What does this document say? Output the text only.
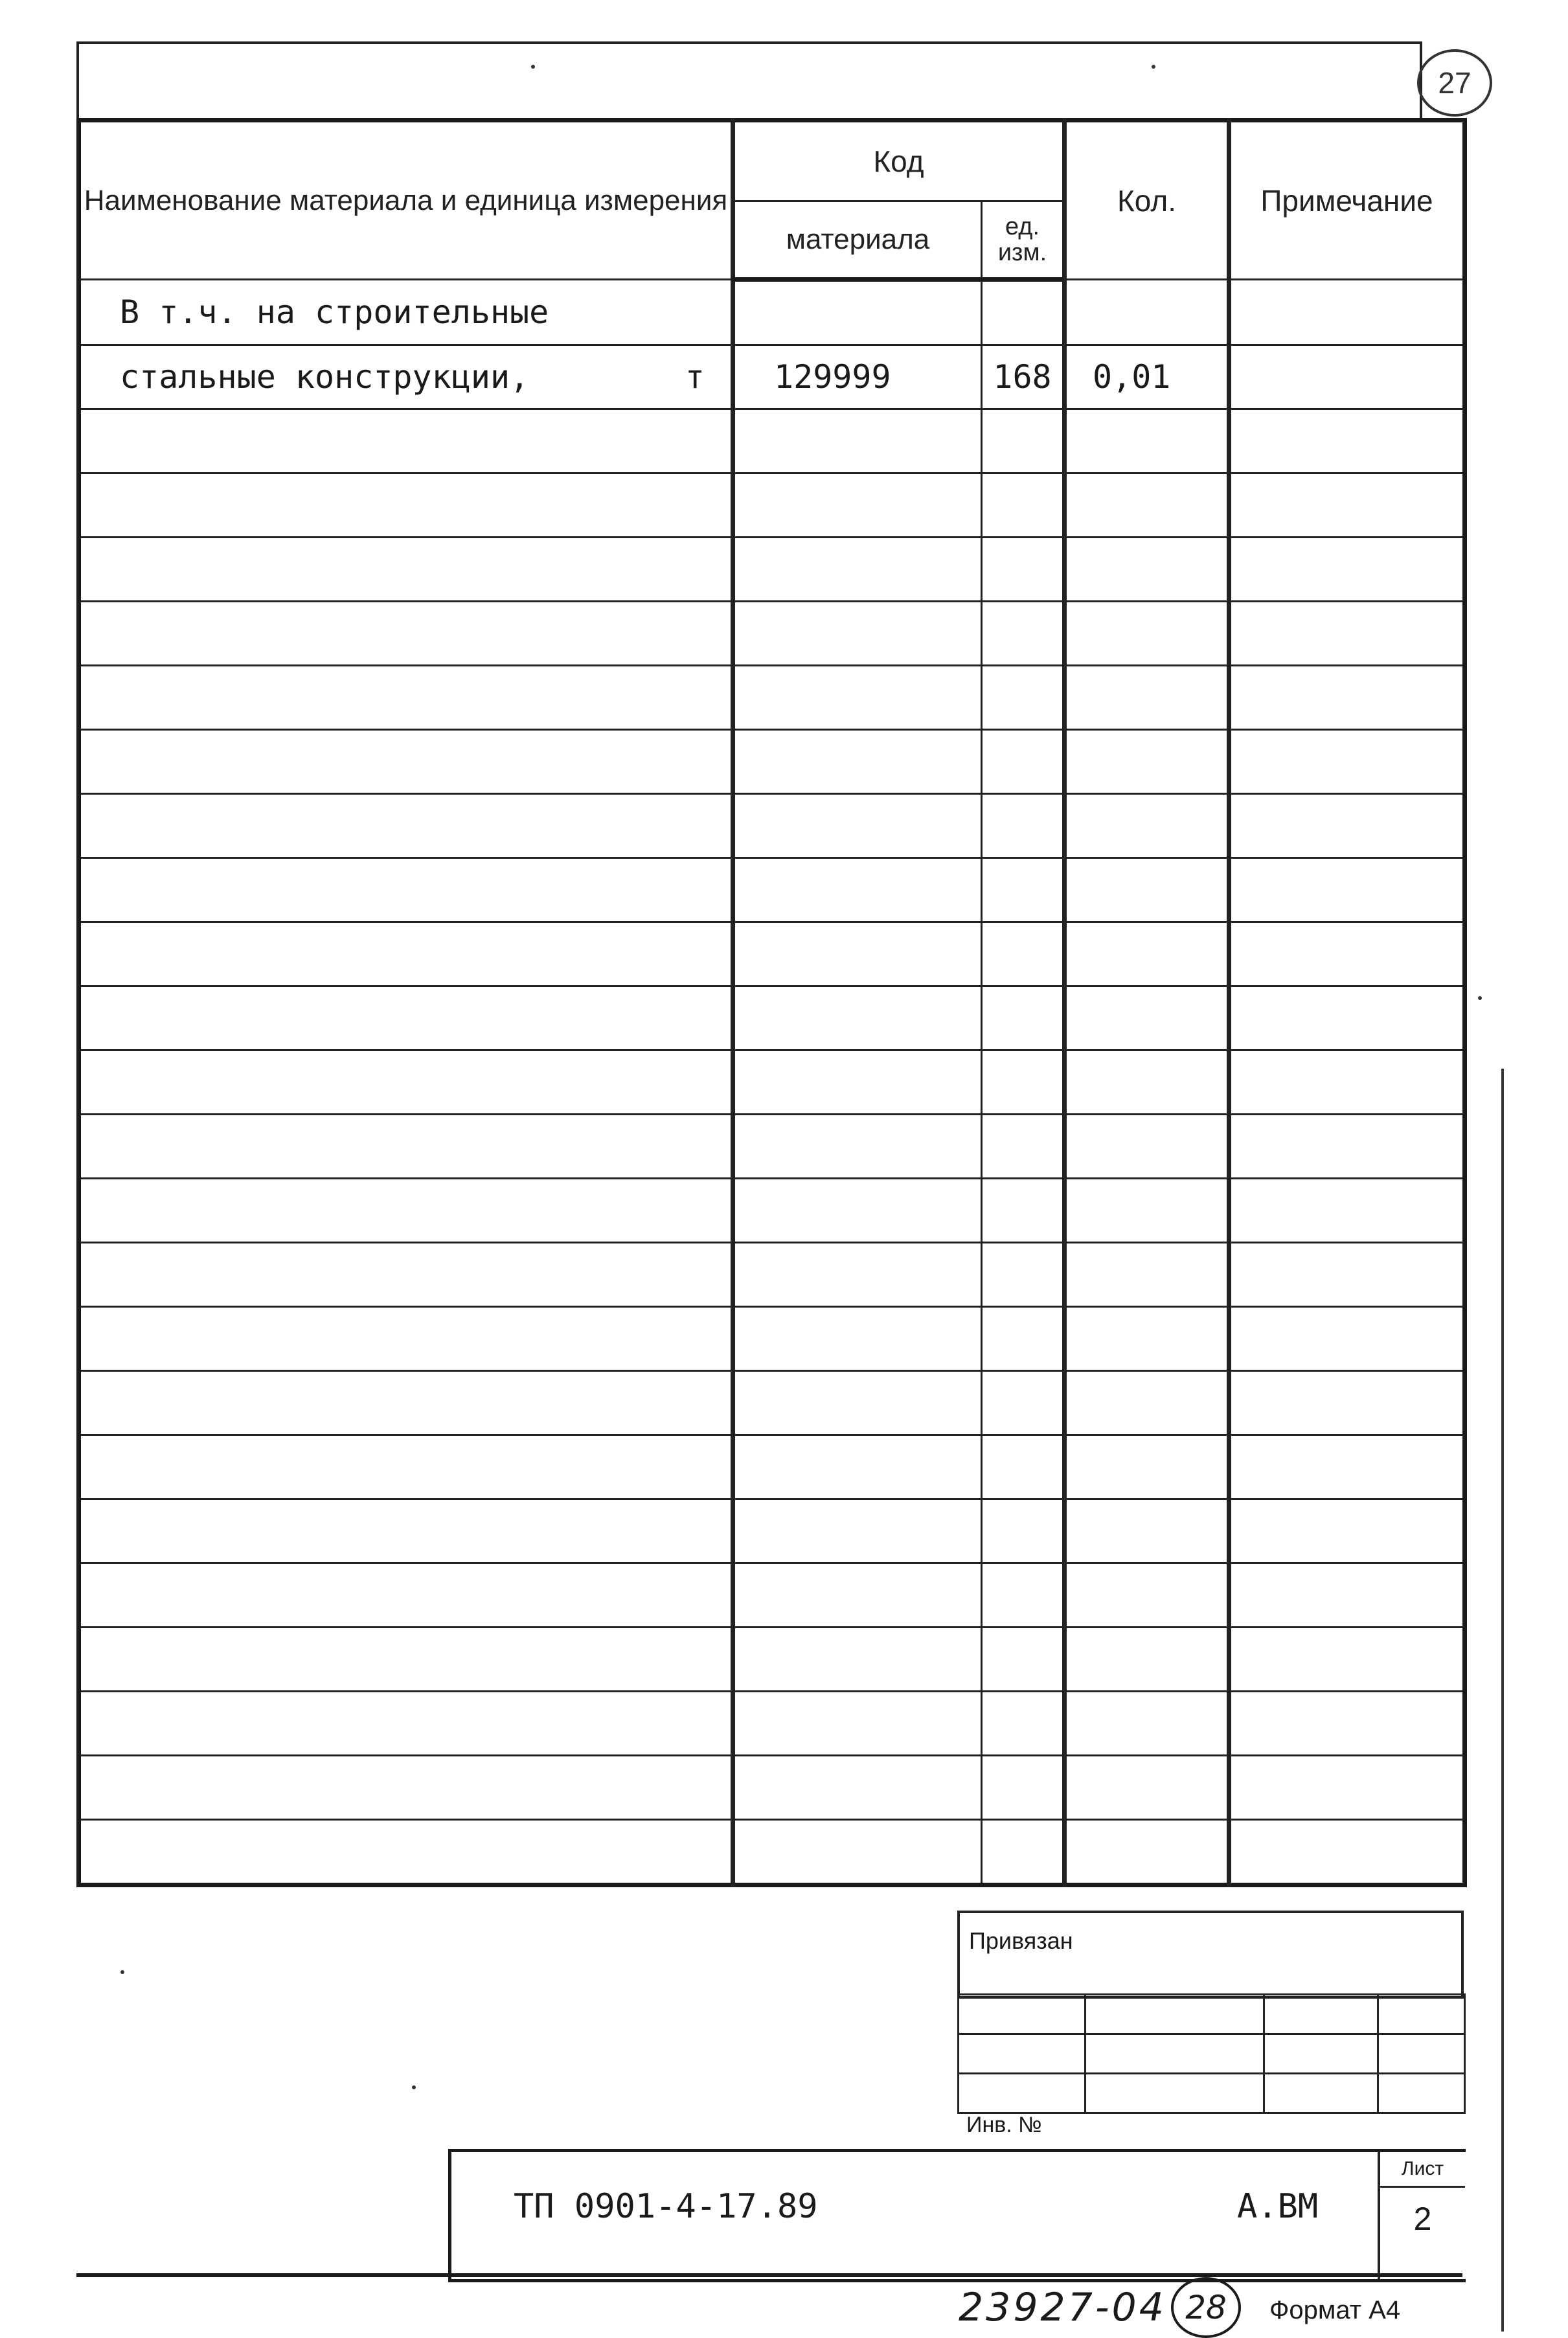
27
Наименование материала и единица измерения	Код		Кол.	Примечание
	материала	ед. изм.		
В т.ч. на строительные				

стальные конструкции, т	129999	168	0,01	

Привязан

Инв. №
ТП 0901-4-17.89	А.ВМ
Лист
2
23927-04 28	Формат А4
